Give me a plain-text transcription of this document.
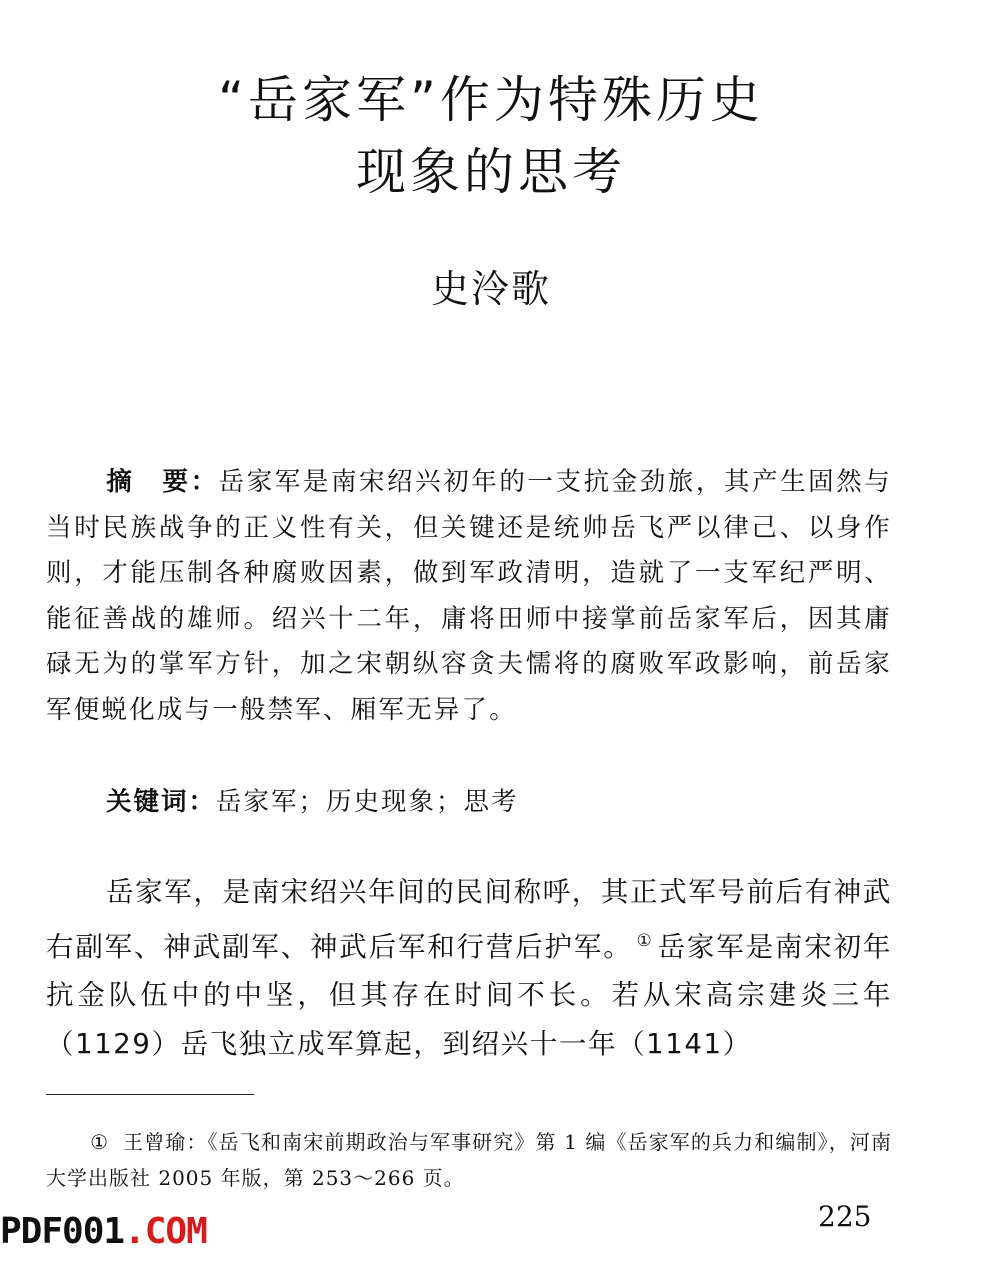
“岳家军”作为特殊历史
现象的思考
史泠歌

摘　要：岳家军是南宋绍兴初年的一支抗金劲旅，其产生固然与当时民族战争的正义性有关，但关键还是统帅岳飞严以律己、以身作则，才能压制各种腐败因素，做到军政清明，造就了一支军纪严明、能征善战的雄师。绍兴十二年，庸将田师中接掌前岳家军后，因其庸碌无为的掌军方针，加之宋朝纵容贪夫懦将的腐败军政影响，前岳家军便蜕化成与一般禁军、厢军无异了。

关键词：岳家军；历史现象；思考

岳家军，是南宋绍兴年间的民间称呼，其正式军号前后有神武右副军、神武副军、神武后军和行营后护军。 ① 岳家军是南宋初年抗金队伍中的中坚，但其存在时间不长。若从宋高宗建炎三年（1129）岳飞独立成军算起，到绍兴十一年（1141）

① 王曾瑜：《岳飞和南宋前期政治与军事研究》第 1 编《岳家军的兵力和编制》，河南大学出版社 2005 年版，第 253～266 页。

225
PDF001.COM
